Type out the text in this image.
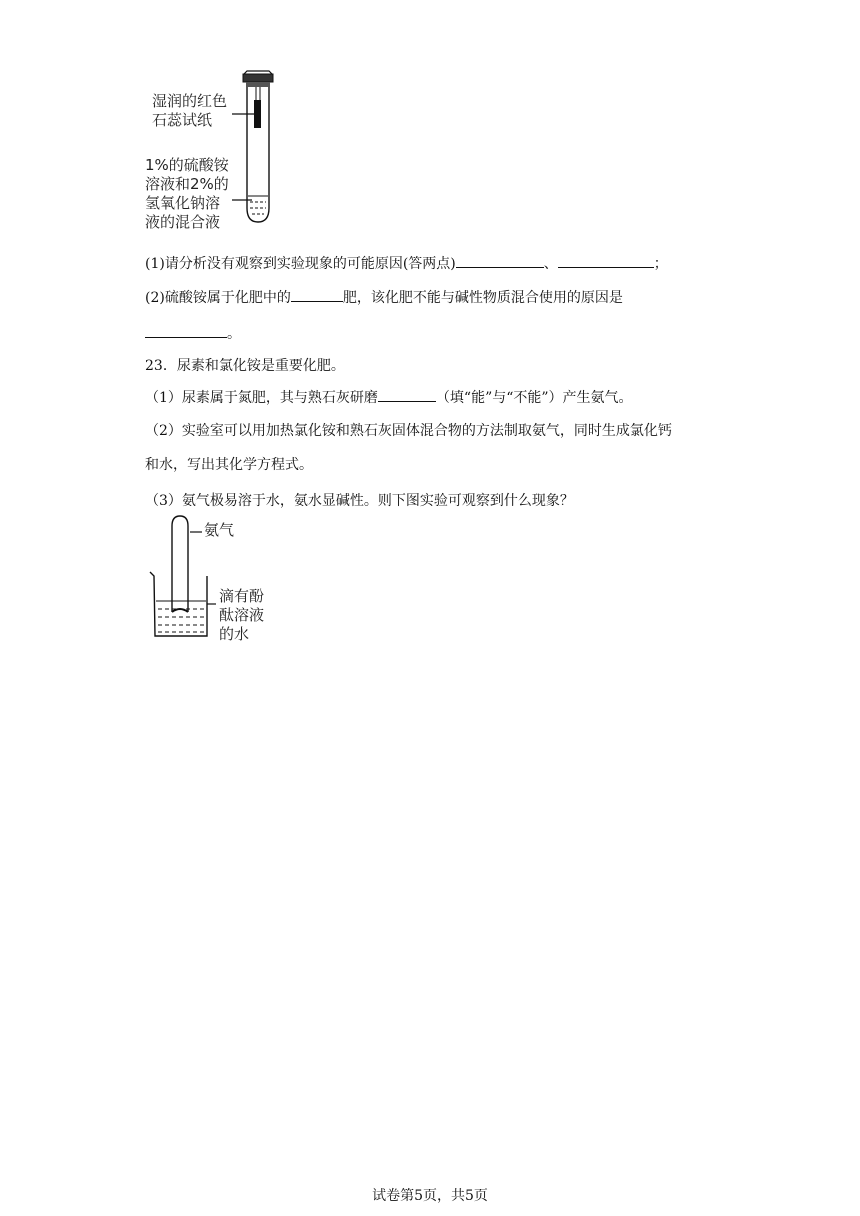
湿润的红色
石蕊试纸
1%的硫酸铵
溶液和2%的
氢氧化钠溶
液的混合液
(1)请分析没有观察到实验现象的可能原因(答两点)	、	；
(2)硫酸铵属于化肥中的	肥，该化肥不能与碱性物质混合使用的原因是
。
23．尿素和氯化铵是重要化肥。
（1）尿素属于氮肥，其与熟石灰研磨	（填“能”与“不能”）产生氨气。
（2）实验室可以用加热氯化铵和熟石灰固体混合物的方法制取氨气，同时生成氯化钙
和水，写出其化学方程式。
（3）氨气极易溶于水，氨水显碱性。则下图实验可观察到什么现象？
氨气
滴有酚
酞溶液
的水
试卷第5页，共5页
